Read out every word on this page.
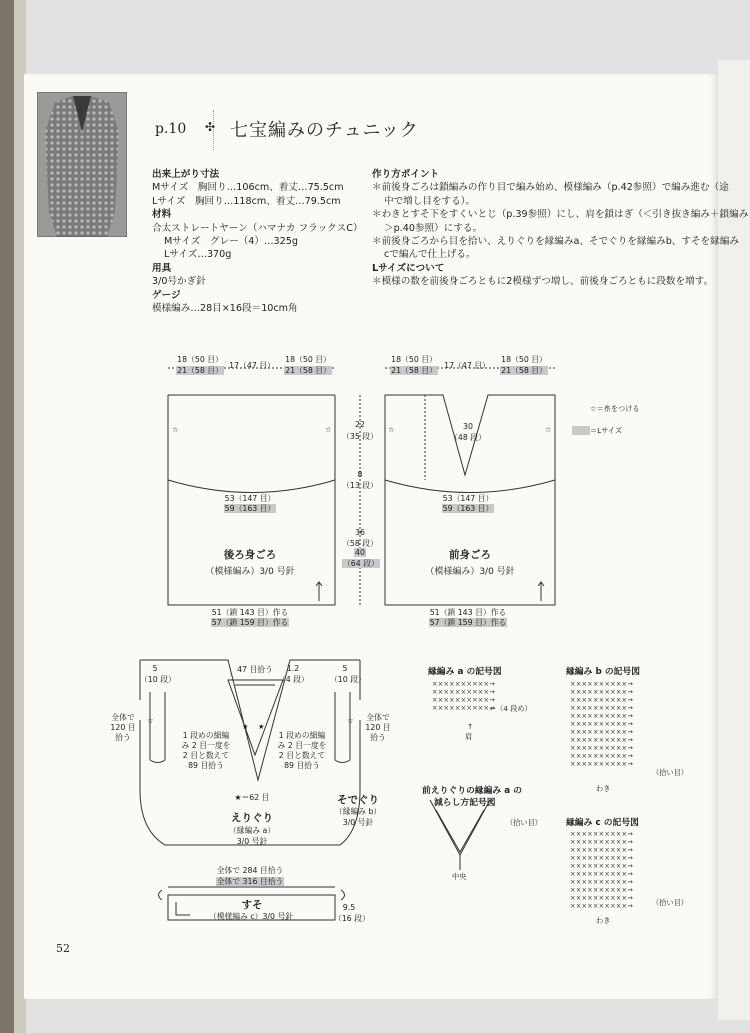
p.10 ✣ 七宝編みのチュニック
出来上がり寸法
Mサイズ　胸回り…106cm、着丈…75.5cm
Lサイズ　胸回り…118cm、着丈…79.5cm
材料
合太ストレートヤーン（ハマナカ フラックスC）
Mサイズ　グレー（4）…325g
Lサイズ…370g
用具
3/0号かぎ針
ゲージ
模様編み…28目×16段＝10cm角
作り方ポイント
＊前後身ごろは鎖編みの作り目で編み始め、模様編み（p.42参照）で編み進む（途
中で増し目をする）。
＊わきとすそ下をすくいとじ（p.39参照）にし、肩を鎖はぎ（＜引き抜き編み＋鎖編み
＞p.40参照）にする。
＊前後身ごろから目を拾い、えりぐりを縁編みa、そでぐりを縁編みb、すそを縁編み
cで編んで仕上げる。
Lサイズについて
＊模様の数を前後身ごろともに2模様ずつ増し、前後身ごろともに段数を増す。
18（50 目）
21（58 目）
17（47 目）
18（50 目）
21（58 目）
53（147 目）
59（163 目）
後ろ身ごろ
（模様編み）3/0 号針
51（鎖 143 目）作る
57（鎖 159 目）作る
☆	☆
22
（35 段）
8
（13 段）
36
（58 段）
40
（64 段）
18（50 目）
21（58 目）
17（47 目）
18（50 目）
21（58 目）
30
（48 段）
53（147 目）
59（163 目）
前身ごろ
（模様編み）3/0 号針
51（鎖 143 目）作る
57（鎖 159 目）作る
☆	☆
☆＝糸をつける
＝Lサイズ
47 目拾う	1.2
（4 段）
5
（10 段）
5
（10 段）
全体で
120 目
拾う
全体で
120 目
拾う
1 段めの細編
み 2 目一度を
2 目と数えて
89 目拾う
1 段めの細編
み 2 目一度を
2 目と数えて
89 目拾う
★ ★
☆	☆
★＝62 目
えりぐり
（縁編み a）
3/0 号針
そでぐり
（縁編み b）
3/0 号針
全体で 284 目拾う
全体で 316 目拾う
すそ
（模様編み c）3/0 号針
9.5
（16 段）
縁編み a の記号図
××××××××××→
××××××××××→
××××××××××→
××××××××××→
←（4 段め）
↑
肩
前えりぐりの縁編み a の
減らし方記号図
（拾い目）
中央
縁編み b の記号図
××××××××××→
××××××××××→
××××××××××→
××××××××××→
××××××××××→
××××××××××→
××××××××××→
××××××××××→
××××××××××→
××××××××××→
××××××××××→
（拾い目）
わき
縁編み c の記号図
××××××××××→
××××××××××→
××××××××××→
××××××××××→
××××××××××→
××××××××××→
××××××××××→
××××××××××→
××××××××××→
××××××××××→	（拾い目）
わき
52
